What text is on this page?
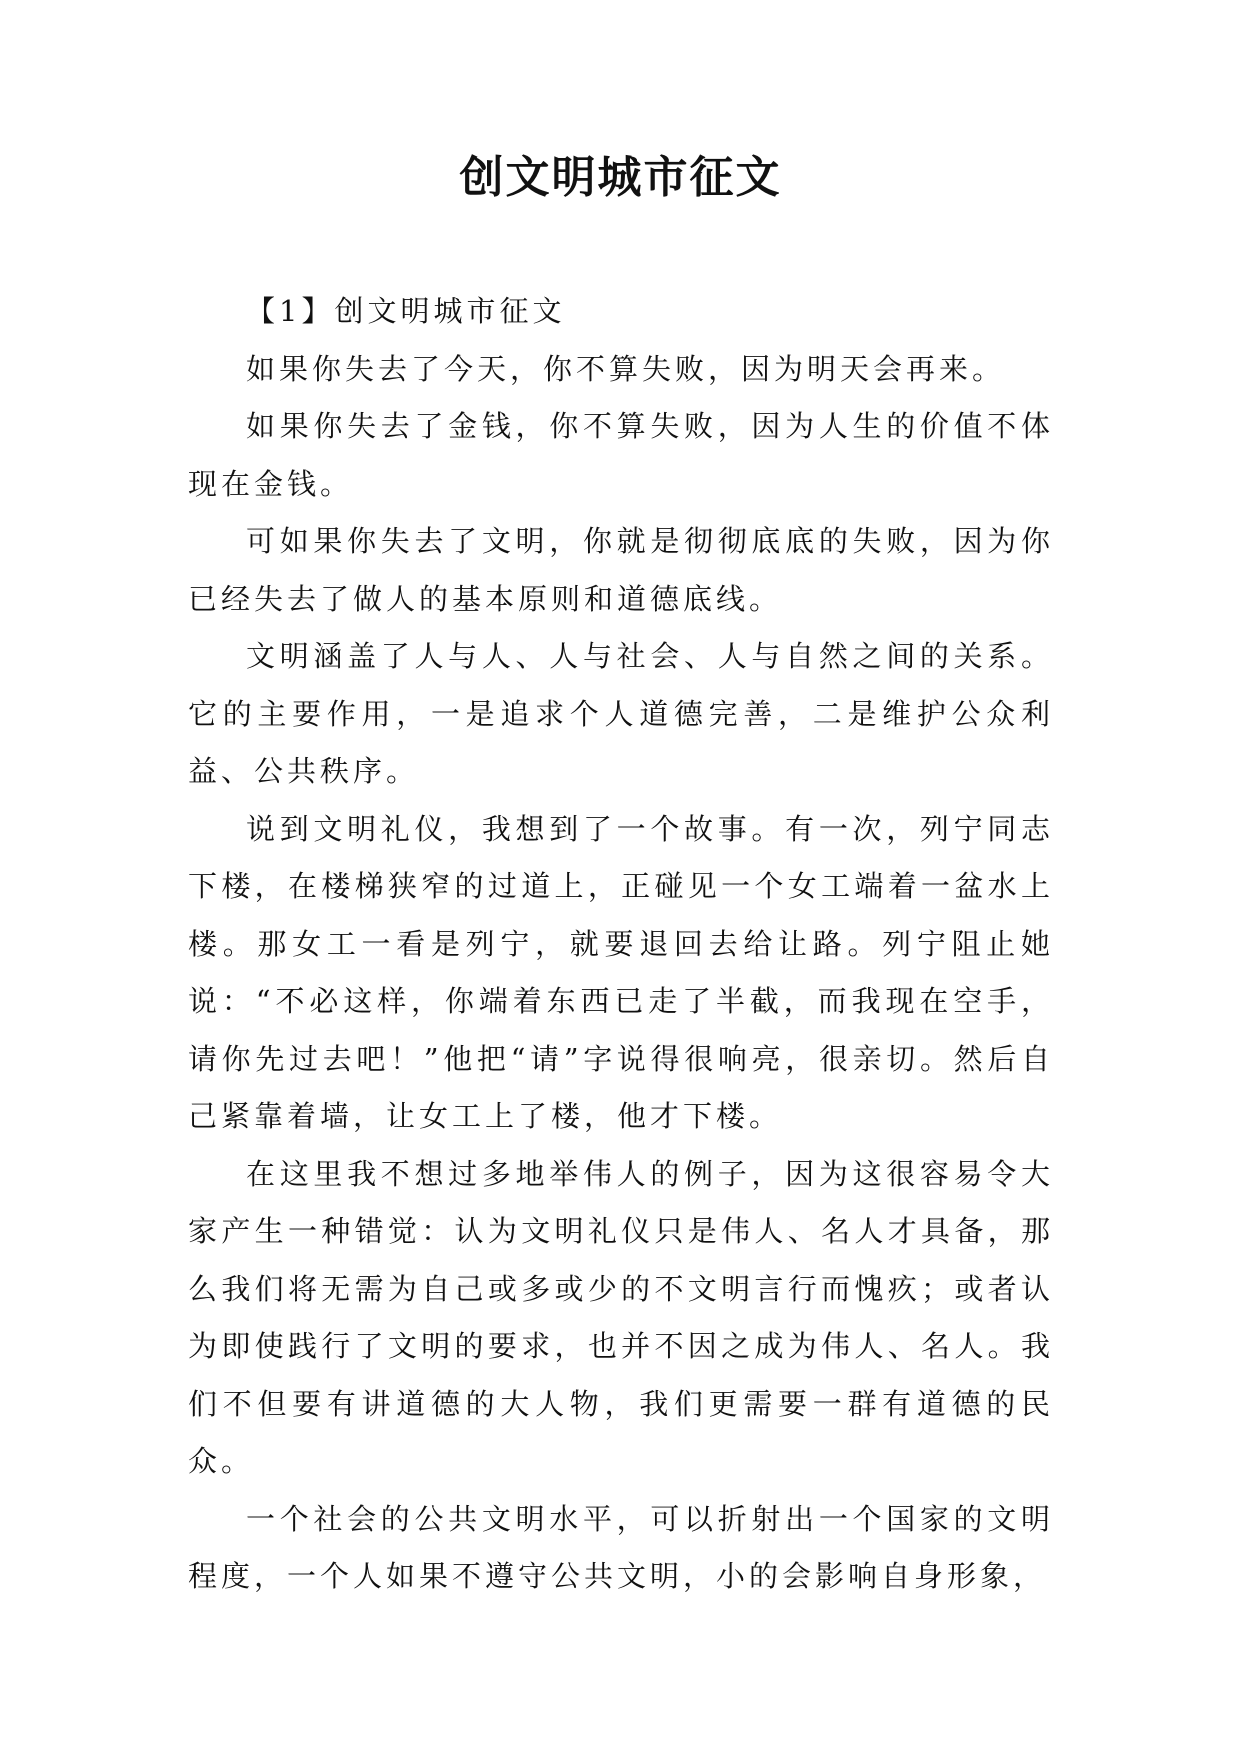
创文明城市征文

【1】创文明城市征文

如果你失去了今天，你不算失败，因为明天会再来。

如果你失去了金钱，你不算失败，因为人生的价值不体现在金钱。

可如果你失去了文明，你就是彻彻底底的失败，因为你已经失去了做人的基本原则和道德底线。

文明涵盖了人与人、人与社会、人与自然之间的关系。它的主要作用，一是追求个人道德完善，二是维护公众利益、公共秩序。

说到文明礼仪，我想到了一个故事。有一次，列宁同志下楼，在楼梯狭窄的过道上，正碰见一个女工端着一盆水上楼。那女工一看是列宁，就要退回去给让路。列宁阻止她说：“不必这样，你端着东西已走了半截，而我现在空手，请你先过去吧！”他把“请”字说得很响亮，很亲切。然后自己紧靠着墙，让女工上了楼，他才下楼。

在这里我不想过多地举伟人的例子，因为这很容易令大家产生一种错觉：认为文明礼仪只是伟人、名人才具备，那么我们将无需为自己或多或少的不文明言行而愧疚；或者认为即使践行了文明的要求，也并不因之成为伟人、名人。我们不但要有讲道德的大人物，我们更需要一群有道德的民众。

一个社会的公共文明水平，可以折射出一个国家的文明程度，一个人如果不遵守公共文明，小的会影响自身形象，
